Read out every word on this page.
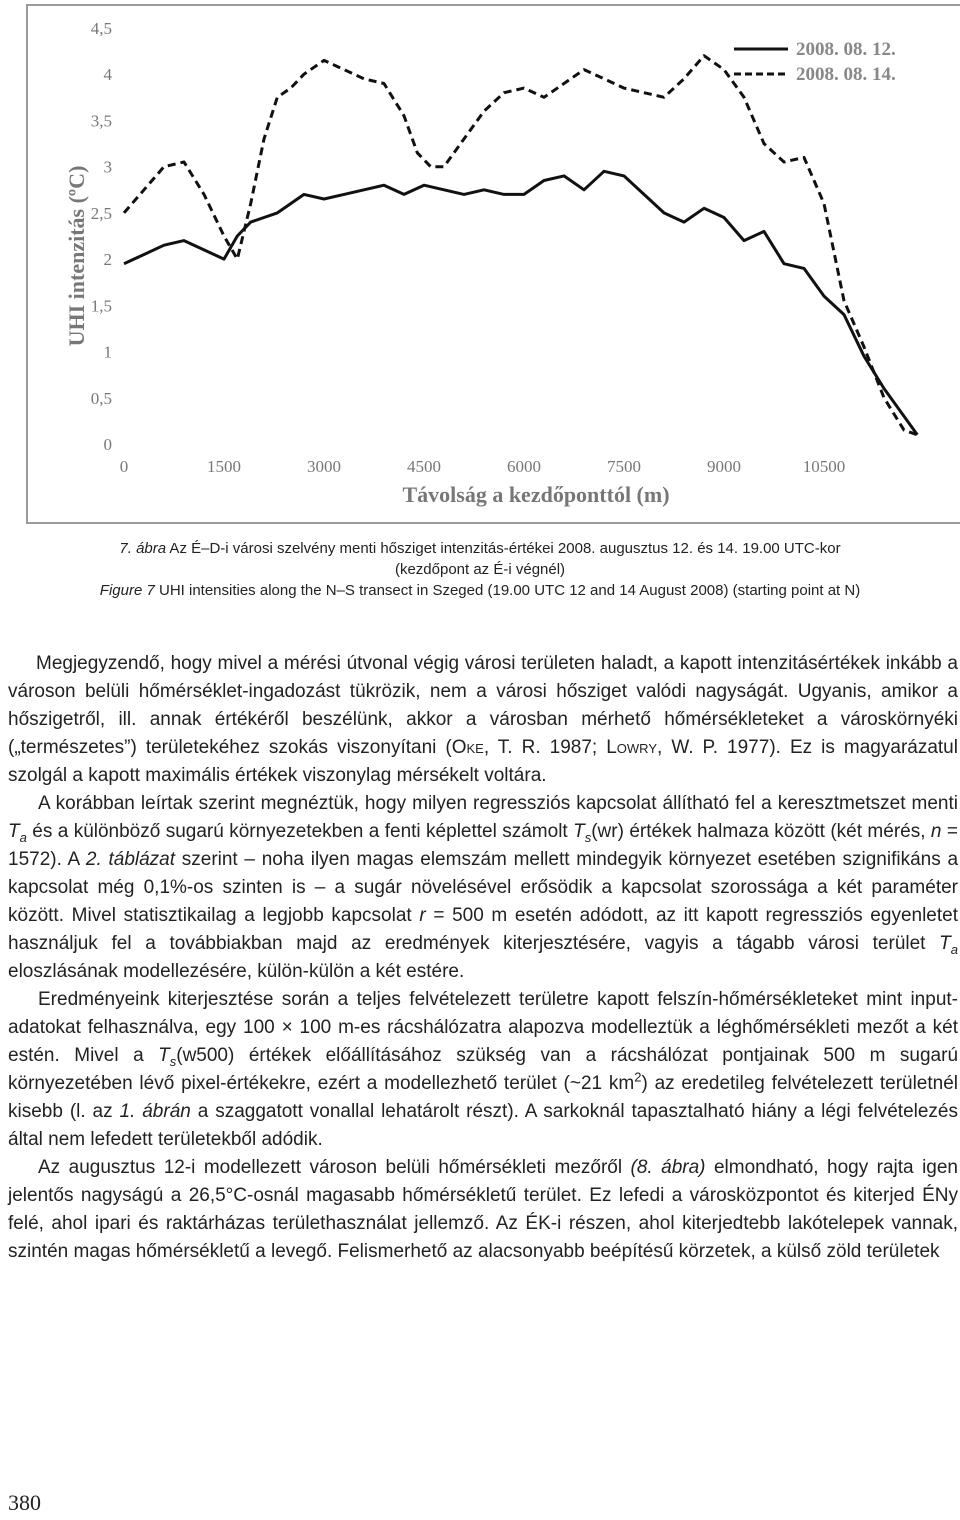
0
0,5
1
1,5
2
2,5
3
3,5
4
4,5
0	1500	3000	4500	6000	7500	9000	10500
UHI intenzitás (ºC)
Távolság a kezdőponttól (m)
2008. 08. 12.
2008. 08. 14.
7. ábra Az É–D-i városi szelvény menti hősziget intenzitás-értékei 2008. augusztus 12. és 14. 19.00 UTC-kor
(kezdőpont az É-i végnél)
Figure 7 UHI intensities along the N–S transect in Szeged (19.00 UTC 12 and 14 August 2008) (starting point at N)

Megjegyzendő, hogy mivel a mérési útvonal végig városi területen haladt, a kapott intenzitásértékek inkább a városon belüli hőmérséklet-ingadozást tükrözik, nem a városi hősziget valódi nagyságát. Ugyanis, amikor a hőszigetről, ill. annak értékéről beszélünk, akkor a városban mérhető hőmérsékleteket a városkörnyéki („természetes”) területekéhez szokás viszonyítani (Oke, T. R. 1987; Lowry, W. P. 1977). Ez is magyarázatul szolgál a kapott maximális értékek viszonylag mérsékelt voltára.

A korábban leírtak szerint megnéztük, hogy milyen regressziós kapcsolat állítható fel a keresztmetszet menti $T_a$ és a különböző sugarú környezetekben a fenti képlettel számolt $T_s(wr)$ értékek halmaza között (két mérés, n = 1572). A 2. táblázat szerint – noha ilyen magas elemszám mellett mindegyik környezet esetében szignifikáns a kapcsolat még 0,1%-os szinten is – a sugár növelésével erősödik a kapcsolat szorossága a két paraméter között. Mivel statisztikailag a legjobb kapcsolat r = 500 m esetén adódott, az itt kapott regressziós egyenletet használjuk fel a továbbiakban majd az eredmények kiterjesztésére, vagyis a tágabb városi terület $T_a$ eloszlásának modellezésére, külön-külön a két estére.

Eredményeink kiterjesztése során a teljes felvételezett területre kapott felszín-hőmérsékleteket mint input-adatokat felhasználva, egy 100 × 100 m-es rácshálózatra alapozva modelleztük a léghőmérsékleti mezőt a két estén. Mivel a $T_s(w500)$ értékek előállításához szükség van a rácshálózat pontjainak 500 m sugarú környezetében lévő pixel-értékekre, ezért a modellezhető terület (~21 $km^2$) az eredetileg felvételezett területnél kisebb (l. az 1. ábrán a szaggatott vonallal lehatárolt részt). A sarkoknál tapasztalható hiány a légi felvételezés által nem lefedett területekből adódik.

Az augusztus 12-i modellezett városon belüli hőmérsékleti mezőről (8. ábra) elmondható, hogy rajta igen jelentős nagyságú a 26,5°C-osnál magasabb hőmérsékletű terület. Ez lefedi a városközpontot és kiterjed ÉNy felé, ahol ipari és raktárházas területhasználat jellemző. Az ÉK-i részen, ahol kiterjedtebb lakótelepek vannak, szintén magas hőmérsékletű a levegő. Felismerhető az alacsonyabb beépítésű körzetek, a külső zöld területek

380
